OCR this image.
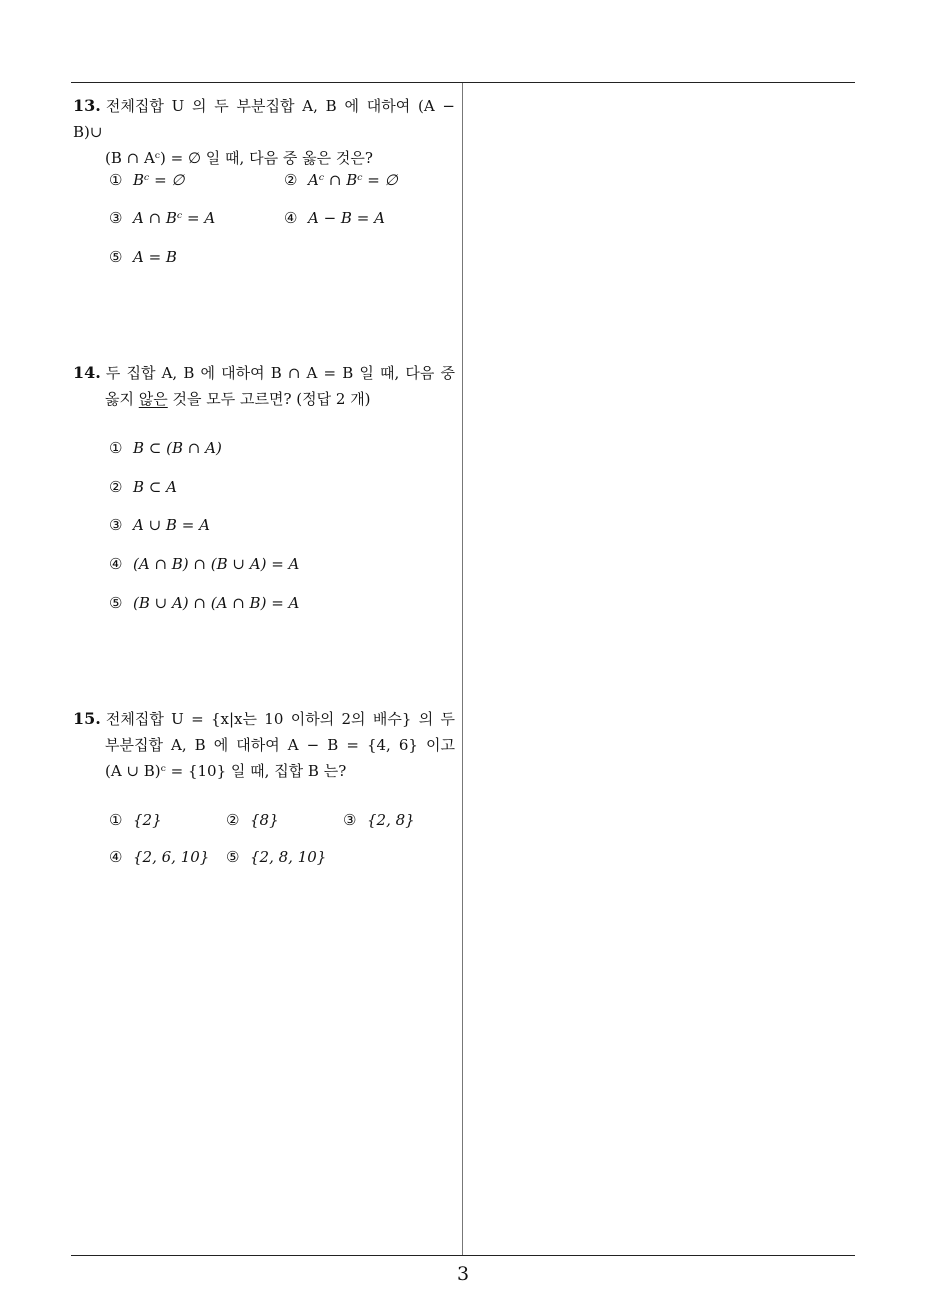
13. 전체집합 U 의 두 부분집합 A, B 에 대하여 (A − B)∪
(B ∩ Aᶜ) = ∅ 일 때, 다음 중 옳은 것은?
① Bᶜ = ∅	② Aᶜ ∩ Bᶜ = ∅
③ A ∩ Bᶜ = A	④ A − B = A
⑤ A = B
14. 두 집합 A, B 에 대하여 B ∩ A = B 일 때, 다음 중
옳지 않은 것을 모두 고르면? (정답 2 개)
① B ⊂ (B ∩ A)
② B ⊂ A
③ A ∪ B = A
④ (A ∩ B) ∩ (B ∪ A) = A
⑤ (B ∪ A) ∩ (A ∩ B) = A
15. 전체집합 U = {x|x는 10 이하의 2의 배수} 의 두
부분집합 A, B 에 대하여 A − B = {4, 6} 이고
(A ∪ B)ᶜ = {10} 일 때, 집합 B 는?
① {2}	② {8}	③ {2, 8}
④ {2, 6, 10} ⑤ {2, 8, 10}
3
